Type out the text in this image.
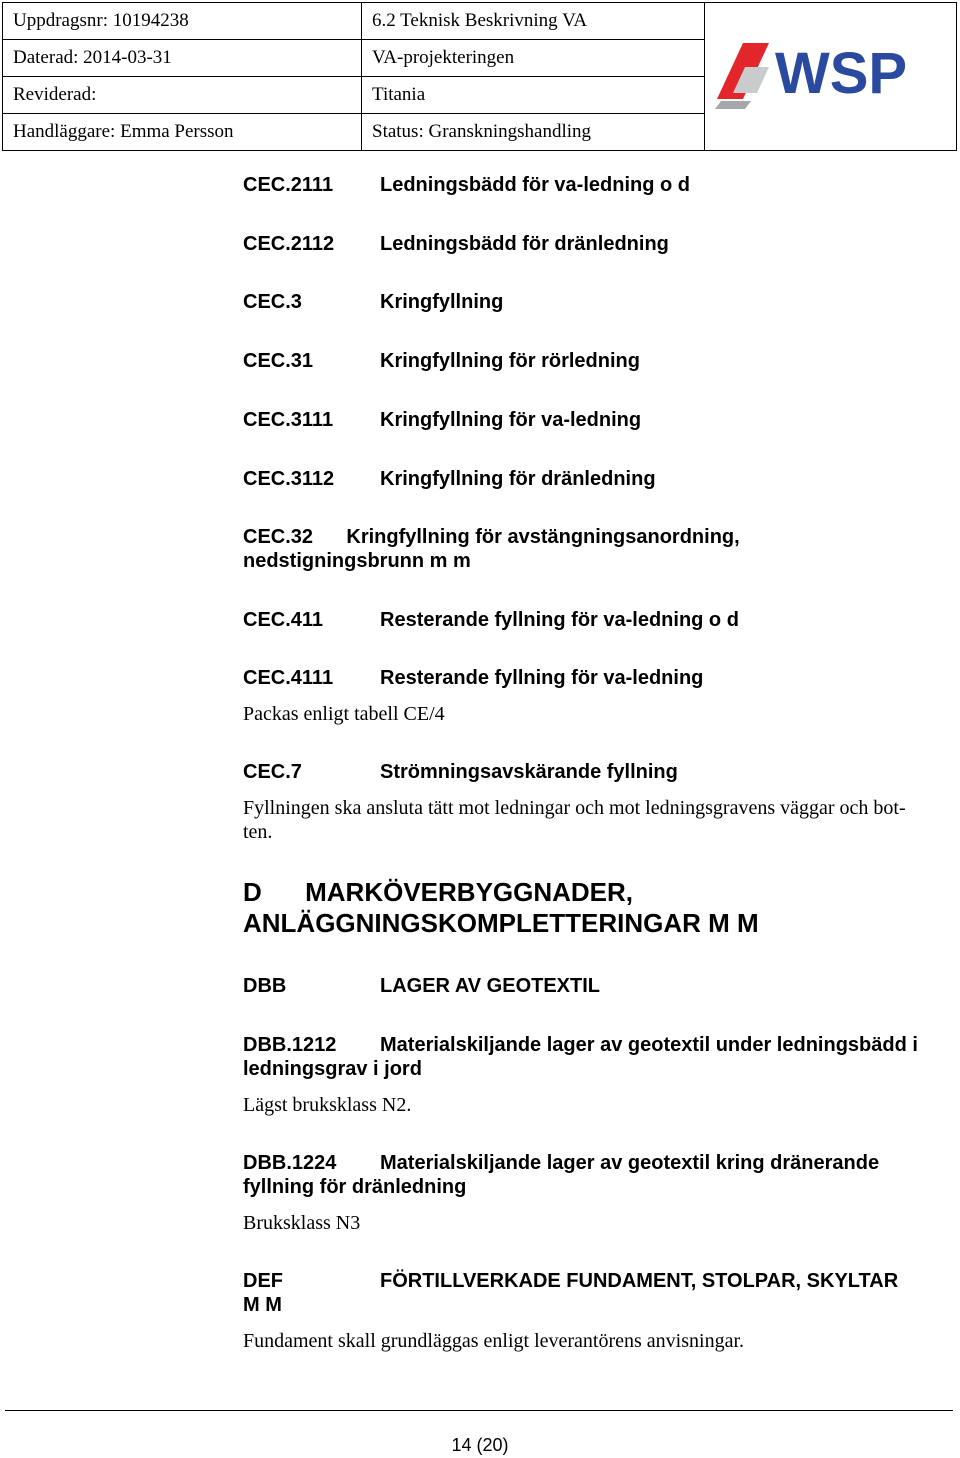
Uppdragsnr: 10194238	6.2 Teknisk Beskrivning VA	WSP

Daterad: 2014-03-31	VA-projekteringen	
Reviderad:	Titania	
Handläggare: Emma Persson	Status: Granskningshandling	
CEC.2111 Ledningsbädd för va-ledning o d
CEC.2112 Ledningsbädd för dränledning
CEC.3	Kringfyllning
CEC.31	Kringfyllning för rörledning
CEC.3111 Kringfyllning för va-ledning
CEC.3112 Kringfyllning för dränledning
CEC.32      Kringfyllning för avstängningsanordning,
nedstigningsbrunn m m
CEC.411	Resterande fyllning för va-ledning o d
CEC.4111 Resterande fyllning för va-ledning
Packas enligt tabell CE/4
CEC.7	Strömningsavskärande fyllning
Fyllningen ska ansluta tätt mot ledningar och mot ledningsgravens väggar och bot-
ten.
D      MARKÖVERBYGGNADER,
ANLÄGGNINGSKOMPLETTERINGAR M M
DBB	LAGER AV GEOTEXTIL
DBB.1212 Materialskiljande lager av geotextil under ledningsbädd i
ledningsgrav i jord
Lägst bruksklass N2.
DBB.1224 Materialskiljande lager av geotextil kring dränerande
fyllning för dränledning
Bruksklass N3
DEF	FÖRTILLVERKADE FUNDAMENT, STOLPAR, SKYLTAR
M M
Fundament skall grundläggas enligt leverantörens anvisningar.
14 (20)
